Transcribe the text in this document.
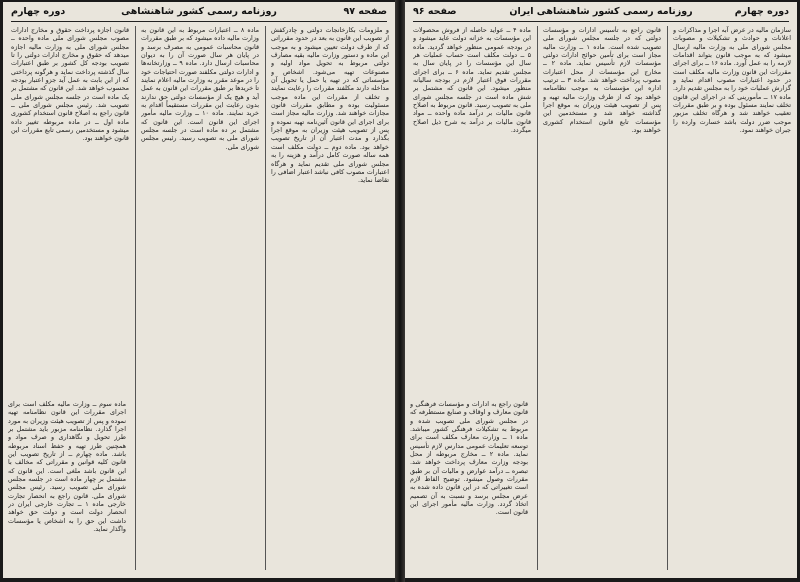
صفحه ۹۷
روزنامه رسمی کشور شاهنشاهی
دوره چهارم

و ملزومات بکارخانجات دولتی و چادرکفش از تصویب این قانون به بعد در حدود مقرراتی که از طرف دولت تعیین میشود و به موجب این ماده و دستور وزارت مالیه بقیه مصارف دولتی مربوط به تحویل مواد اولیه و مصنوعات تهیه می‌شود. اشخاص و مؤسساتی که در تهیه یا حمل یا تحویل آن مداخله دارند مکلفند مقررات را رعایت نمایند و تخلف از مقررات این ماده موجب مسئولیت بوده و مطابق مقررات قانون مجازات خواهند شد. وزارت مالیه مجاز است برای اجرای این قانون آئین‌نامه تهیه نموده و پس از تصویب هیئت وزیران به موقع اجرا بگذارد و مدت اعتبار آن از تاریخ تصویب خواهد بود. ماده دوم ــ دولت مکلف است همه ساله صورت کامل درآمد و هزینه را به مجلس شورای ملی تقدیم نماید و هرگاه اعتبارات مصوب کافی نباشد اعتبار اضافی را تقاضا نماید.

ماده ۸ ــ اعتبارات مربوط به این قانون به وزارت مالیه داده میشود که بر طبق مقررات قانون محاسبات عمومی به مصرف برسد و در پایان هر سال صورت آن را به دیوان محاسبات ارسال دارد. ماده ۹ ــ وزارتخانه‌ها و ادارات دولتی مکلفند صورت احتیاجات خود را در موعد مقرر به وزارت مالیه اعلام نمایند تا خریدها بر طبق مقررات این قانون به عمل آید و هیچ یک از مؤسسات دولتی حق ندارند بدون رعایت این مقررات مستقیماً اقدام به خرید نمایند. ماده ۱۰ ــ وزارت مالیه مأمور اجرای این قانون است. این قانون که مشتمل بر ده ماده است در جلسه مجلس شورای ملی به تصویب رسید. رئیس مجلس شورای ملی.

قانون اجازه پرداخت حقوق و مخارج ادارات مصوب مجلس شورای ملی ماده واحده ــ مجلس شورای ملی به وزارت مالیه اجازه میدهد که حقوق و مخارج ادارات دولتی را تا تصویب بودجه کل کشور بر طبق اعتبارات سال گذشته پرداخت نماید و هرگونه پرداختی که از این بابت به عمل آید جزو اعتبار بودجه محسوب خواهد شد. این قانون که مشتمل بر یک ماده است در جلسه مجلس شورای ملی تصویب شد. رئیس مجلس شورای ملی ــ قانون راجع به اصلاح قانون استخدام کشوری ماده اول ــ در ماده مربوطه تغییر داده میشود و مستخدمین رسمی تابع مقررات این قانون خواهند بود.

دوره چهارم
روزنامه رسمی کشور شاهنشاهی ایران
صفحه ۹۶

سازمان مالیه در عرض آبه اجرا و مذاکرات و اعلانات و حوادث و تشکیلات و مصوبات مجلس شورای ملی به وزارت مالیه ارسال میشود که به موجب قانون بتواند اقدامات لازمه را به عمل آورد. ماده ۱۶ ــ برای اجرای مقررات این قانون وزارت مالیه مکلف است در حدود اعتبارات مصوب اقدام نماید و گزارش عملیات خود را به مجلس تقدیم دارد. ماده ۱۷ ــ مأمورینی که در اجرای این قانون تخلف نمایند مسئول بوده و بر طبق مقررات تعقیب خواهند شد و هرگاه تخلف مزبور موجب ضرر دولت باشد خسارت وارده را جبران خواهند نمود.

قانون راجع به تأسیس ادارات و مؤسسات دولتی که در جلسه مجلس شورای ملی تصویب شده است. ماده ۱ ــ وزارت مالیه مجاز است برای تأمین حوائج ادارات دولتی مؤسسات لازم تأسیس نماید. ماده ۲ ــ مخارج این مؤسسات از محل اعتبارات مصوب پرداخت خواهد شد. ماده ۳ ــ ترتیب اداره این مؤسسات به موجب نظامنامه خواهد بود که از طرف وزارت مالیه تهیه و پس از تصویب هیئت وزیران به موقع اجرا گذاشته خواهد شد و مستخدمین این مؤسسات تابع قانون استخدام کشوری خواهند بود.

ماده ۴ ــ عواید حاصله از فروش محصولات این مؤسسات به خزانه دولت عاید میشود و در بودجه عمومی منظور خواهد گردید. ماده ۵ ــ دولت مکلف است حساب عملیات هر سال این مؤسسات را در پایان سال به مجلس تقدیم نماید. ماده ۶ ــ برای اجرای مقررات فوق اعتبار لازم در بودجه سالیانه منظور میشود. این قانون که مشتمل بر شش ماده است در جلسه مجلس شورای ملی به تصویب رسید. قانون مربوط به اصلاح قانون مالیات بر درآمد ماده واحده ــ مواد قانون مالیات بر درآمد به شرح ذیل اصلاح میگردد.

ماده سوم ــ وزارت مالیه مکلف است برای اجرای مقررات این قانون نظامنامه تهیه نموده و پس از تصویب هیئت وزیران به مورد اجرا گذارد. نظامنامه مزبور باید مشتمل بر طرز تحویل و نگاهداری و صرف مواد و همچنین طرز تهیه و حفظ اسناد مربوطه باشد. ماده چهارم ــ از تاریخ تصویب این قانون کلیه قوانین و مقرراتی که مخالف با این قانون باشد ملغی است. این قانون که مشتمل بر چهار ماده است در جلسه مجلس شورای ملی تصویب رسید. رئیس مجلس شورای ملی. قانون راجع به انحصار تجارت خارجی ماده ۱ ــ تجارت خارجی ایران در انحصار دولت است و دولت حق خواهد داشت این حق را به اشخاص یا مؤسسات واگذار نماید.

قانون راجع به ادارات و مؤسسات فرهنگی و قانون معارف و اوقاف و صنایع مستظرفه که در مجلس شورای ملی تصویب شده و مربوط به تشکیلات فرهنگی کشور میباشد. ماده ۱ ــ وزارت معارف مکلف است برای توسعه تعلیمات عمومی مدارس لازم تأسیس نماید. ماده ۲ ــ مخارج مربوطه از محل بودجه وزارت معارف پرداخت خواهد شد. تبصره ــ درآمد عوارض و مالیات آن بر طبق مقررات وصول میشود. توضیح الفاظ لازم است تغییراتی که در این قانون داده شده به عرض مجلس برسد و نسبت به آن تصمیم اتخاذ گردد. وزارت مالیه مأمور اجرای این قانون است.
